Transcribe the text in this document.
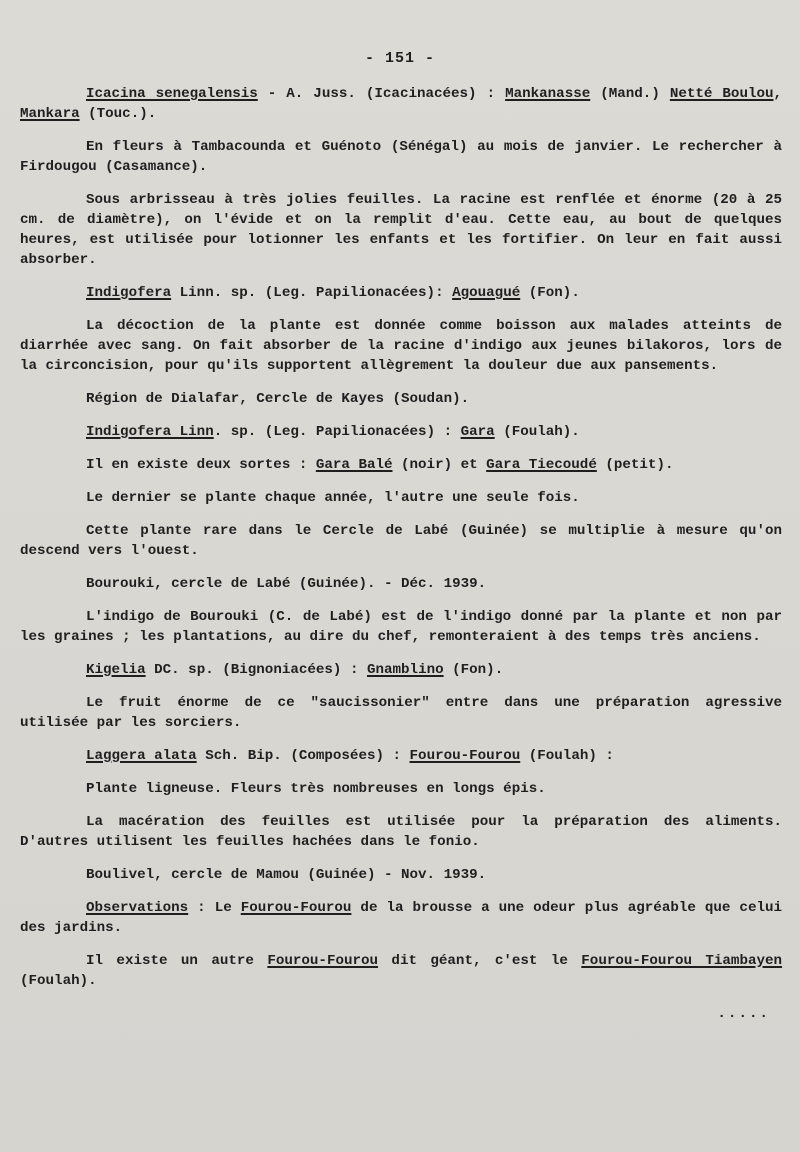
- 151 -

Icacina senegalensis - A. Juss. (Icacinacées) : Mankanasse (Mand.) Netté Boulou, Mankara (Touc.).

En fleurs à Tambacounda et Guénoto (Sénégal) au mois de janvier. Le rechercher à Firdougou (Casamance).

Sous arbrisseau à très jolies feuilles. La racine est renflée et énorme (20 à 25 cm. de diamètre), on l'évide et on la remplit d'eau. Cette eau, au bout de quelques heures, est utilisée pour lotionner les enfants et les fortifier. On leur en fait aussi absorber.

Indigofera Linn. sp. (Leg. Papilionacées): Agouagué (Fon).

La décoction de la plante est donnée comme boisson aux malades atteints de diarrhée avec sang. On fait absorber de la racine d'indigo aux jeunes bilakoros, lors de la circoncision, pour qu'ils supportent allègrement la douleur due aux pansements.

Région de Dialafar, Cercle de Kayes (Soudan).

Indigofera Linn. sp. (Leg. Papilionacées) : Gara (Foulah).

Il en existe deux sortes : Gara Balé (noir) et Gara Tiecoudé (petit).

Le dernier se plante chaque année, l'autre une seule fois.

Cette plante rare dans le Cercle de Labé (Guinée) se multiplie à mesure qu'on descend vers l'ouest.

Bourouki, cercle de Labé (Guinée). - Déc. 1939.

L'indigo de Bourouki (C. de Labé) est de l'indigo donné par la plante et non par les graines ; les plantations, au dire du chef, remonteraient à des temps très anciens.

Kigelia DC. sp. (Bignoniacées) : Gnamblino (Fon).

Le fruit énorme de ce "saucissonier" entre dans une préparation agressive utilisée par les sorciers.

Laggera alata Sch. Bip. (Composées) : Fourou-Fourou (Foulah) :

Plante ligneuse. Fleurs très nombreuses en longs épis.

La macération des feuilles est utilisée pour la préparation des aliments. D'autres utilisent les feuilles hachées dans le fonio.

Boulivel, cercle de Mamou (Guinée) - Nov. 1939.

Observations : Le Fourou-Fourou de la brousse a une odeur plus agréable que celui des jardins.

Il existe un autre Fourou-Fourou dit géant, c'est le Fourou-Fourou Tiambayen (Foulah).

.....
